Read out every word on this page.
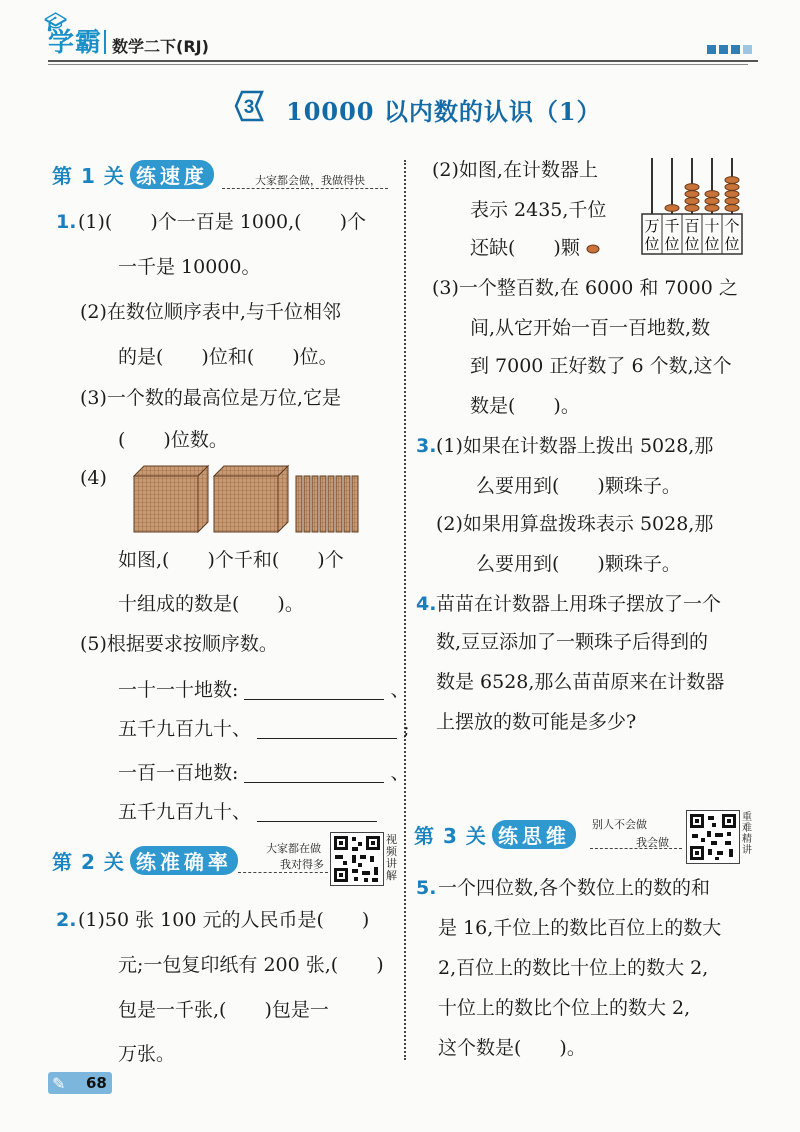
🎓︎
学霸 数学二下(RJ)
3 10000 以内数的认识（1）
第 1 关 练速度	大家都会做，我做得快
1. (1)(　　)个一百是 1000,(　　)个
一千是 10000。
(2)在数位顺序表中,与千位相邻
的是(　　)位和(　　)位。
(3)一个数的最高位是万位,它是
(　　)位数。
(4)
如图,(　　)个千和(　　)个
十组成的数是(　　)。
(5)根据要求按顺序数。
一十一十地数:	、
五千九百九十、	;
一百一百地数:	、
五千九百九十、
第 2 关 练准确率
大家都在做
我对得多
视频讲解
2. (1)50 张 100 元的人民币是(　　)
元;一包复印纸有 200 张,(　　)
包是一千张,(　　)包是一
万张。
(2)如图,在计数器上
表示 2435,千位
还缺(　　)颗
万
位
千
位
百
位
十
位
个
位
(3)一个整百数,在 6000 和 7000 之
间,从它开始一百一百地数,数
到 7000 正好数了 6 个数,这个
数是(　　)。
3. (1)如果在计数器上拨出 5028,那
么要用到(　　)颗珠子。
(2)如果用算盘拨珠表示 5028,那
么要用到(　　)颗珠子。
4. 苗苗在计数器上用珠子摆放了一个
数,豆豆添加了一颗珠子后得到的
数是 6528,那么苗苗原来在计数器
上摆放的数可能是多少?
第 3 关 练思维	别人不会做
我会做
重难精讲
5. 一个四位数,各个数位上的数的和
是 16,千位上的数比百位上的数大
2,百位上的数比十位上的数大 2,
十位上的数比个位上的数大 2,
这个数是(　　)。
✎ 68
